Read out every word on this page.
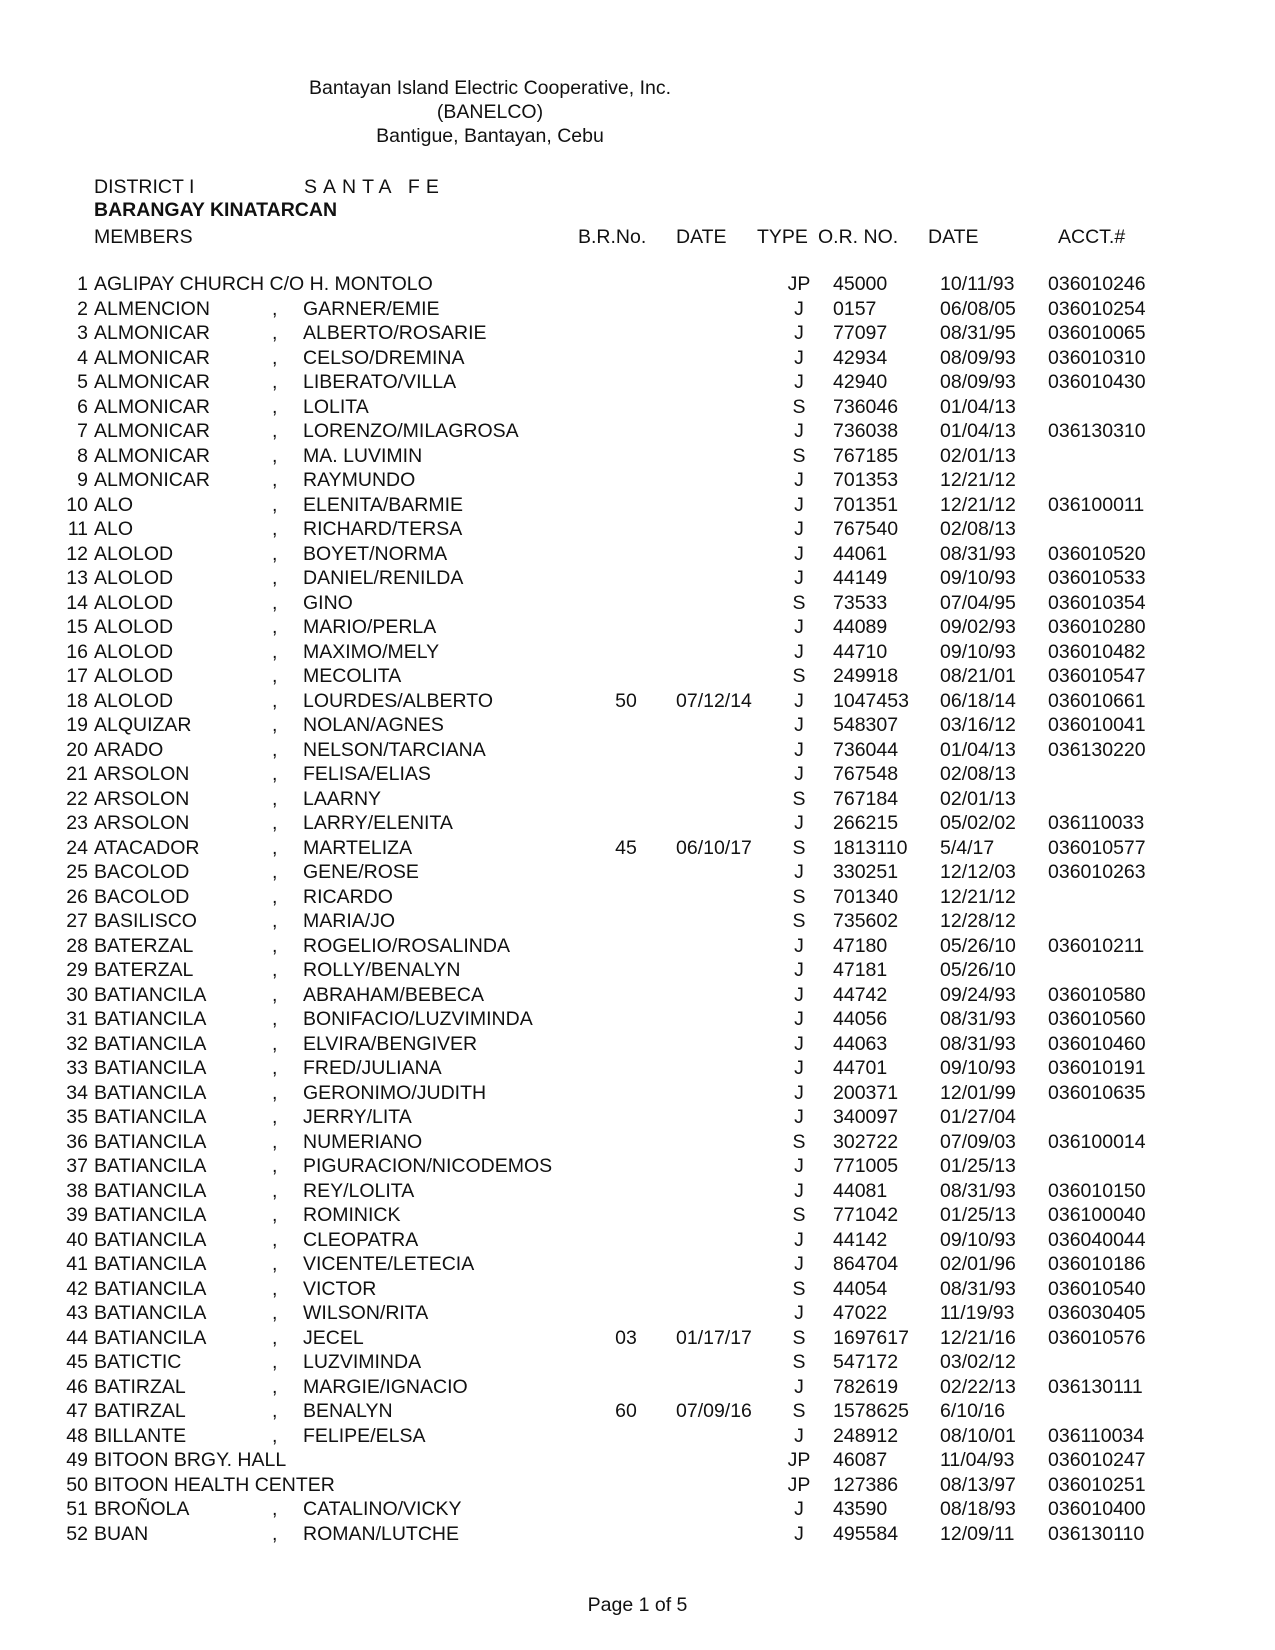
Bantayan Island Electric Cooperative, Inc.
(BANELCO)
Bantigue, Bantayan, Cebu
DISTRICT I	SANTA FE
BARANGAY KINATARCAN
MEMBERS	B.R.No. DATE TYPE O.R. NO. DATE	ACCT.#
1 AGLIPAY CHURCH C/O H. MONTOLO	JP	45000	10/11/93 036010246
2 ALMENCION	, GARNER/EMIE	J	0157	06/08/05 036010254
3 ALMONICAR	, ALBERTO/ROSARIE	J	77097	08/31/95 036010065
4 ALMONICAR	, CELSO/DREMINA	J	42934	08/09/93 036010310
5 ALMONICAR	, LIBERATO/VILLA	J	42940	08/09/93 036010430
6 ALMONICAR	, LOLITA	S	736046 01/04/13
7 ALMONICAR	, LORENZO/MILAGROSA	J	736038 01/04/13 036130310
8 ALMONICAR	, MA. LUVIMIN	S	767185 02/01/13
9 ALMONICAR	, RAYMUNDO	J	701353 12/21/12
10 ALO	, ELENITA/BARMIE	J	701351 12/21/12 036100011
11 ALO	, RICHARD/TERSA	J	767540 02/08/13
12 ALOLOD	, BOYET/NORMA	J	44061	08/31/93 036010520
13 ALOLOD	, DANIEL/RENILDA	J	44149	09/10/93 036010533
14 ALOLOD	, GINO	S	73533	07/04/95 036010354
15 ALOLOD	, MARIO/PERLA	J	44089	09/02/93 036010280
16 ALOLOD	, MAXIMO/MELY	J	44710	09/10/93 036010482
17 ALOLOD	, MECOLITA	S	249918 08/21/01 036010547
18 ALOLOD	, LOURDES/ALBERTO	50	07/12/14	J	1047453 06/18/14 036010661
19 ALQUIZAR	, NOLAN/AGNES	J	548307 03/16/12 036010041
20 ARADO	, NELSON/TARCIANA	J	736044 01/04/13 036130220
21 ARSOLON	, FELISA/ELIAS	J	767548 02/08/13
22 ARSOLON	, LAARNY	S	767184 02/01/13
23 ARSOLON	, LARRY/ELENITA	J	266215 05/02/02 036110033
24 ATACADOR	, MARTELIZA	45	06/10/17	S	1813110 5/4/17	036010577
25 BACOLOD	, GENE/ROSE	J	330251 12/12/03 036010263
26 BACOLOD	, RICARDO	S	701340 12/21/12
27 BASILISCO	, MARIA/JO	S	735602 12/28/12
28 BATERZAL	, ROGELIO/ROSALINDA	J	47180	05/26/10 036010211
29 BATERZAL	, ROLLY/BENALYN	J	47181	05/26/10
30 BATIANCILA	, ABRAHAM/BEBECA	J	44742	09/24/93 036010580
31 BATIANCILA	, BONIFACIO/LUZVIMINDA	J	44056	08/31/93 036010560
32 BATIANCILA	, ELVIRA/BENGIVER	J	44063	08/31/93 036010460
33 BATIANCILA	, FRED/JULIANA	J	44701	09/10/93 036010191
34 BATIANCILA	, GERONIMO/JUDITH	J	200371 12/01/99 036010635
35 BATIANCILA	, JERRY/LITA	J	340097 01/27/04
36 BATIANCILA	, NUMERIANO	S	302722 07/09/03 036100014
37 BATIANCILA	, PIGURACION/NICODEMOS	J	771005 01/25/13
38 BATIANCILA	, REY/LOLITA	J	44081	08/31/93 036010150
39 BATIANCILA	, ROMINICK	S	771042 01/25/13 036100040
40 BATIANCILA	, CLEOPATRA	J	44142	09/10/93 036040044
41 BATIANCILA	, VICENTE/LETECIA	J	864704 02/01/96 036010186
42 BATIANCILA	, VICTOR	S	44054	08/31/93 036010540
43 BATIANCILA	, WILSON/RITA	J	47022	11/19/93 036030405
44 BATIANCILA	, JECEL	03	01/17/17	S	1697617 12/21/16 036010576
45 BATICTIC	, LUZVIMINDA	S	547172 03/02/12
46 BATIRZAL	, MARGIE/IGNACIO	J	782619 02/22/13 036130111
47 BATIRZAL	, BENALYN	60	07/09/16	S	1578625 6/10/16
48 BILLANTE	, FELIPE/ELSA	J	248912 08/10/01 036110034
49 BITOON BRGY. HALL	JP	46087	11/04/93 036010247
50 BITOON HEALTH CENTER	JP	127386 08/13/97 036010251
51 BROÑOLA	, CATALINO/VICKY	J	43590	08/18/93 036010400
52 BUAN	, ROMAN/LUTCHE	J	495584 12/09/11 036130110
Page 1 of 5
